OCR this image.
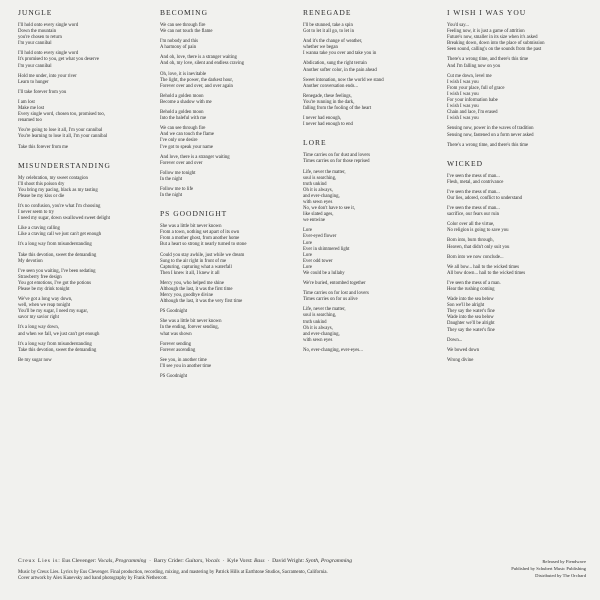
JUNGLE
I'll hold onto every single word
Down the mountain
you're chosen to return
I'm your cannibal
I'll hold onto every single word
It's promised to you, get what you deserve
I'm your cannibal
Hold me under, into your river
Learn to hunger
I'll take forever from you
I am lost
Make me lost
Every single word, chosen too, promised too,
renamed too
You're going to lose it all, I'm your cannibal
You're learning to lose it all, I'm your cannibal
Take this forever from me
MISUNDERSTANDING
My celebration, my sweet contagion
I'll shoot this poison dry
You bring my pacing, black as my tasting
Please be my kiss or die
It's no confusion, you're what I'm choosing
I never seem to try
I need my sugar, down swallowed sweet delight
Like a craving calling
Like a craving call we just can't get enough
It's a long way from misunderstanding
Take this devotion, sweet the demanding
My devotion
I've seen you waiting, I've been sedating
Strawberry free design
You got emotions, I've got the potions
Please be my drink tonight
We've got a long way down,
well, when we reap tonight
You'll be my sugar, I need my sugar,
savor my savior right
It's a long way down,
and when we fall, we just can't get enough
It's a long way from misunderstanding
Take this devotion, sweet the demanding
Be my sugar now
BECOMING
We can see through fire
We can not touch the flame
I'm nobody and this
A harmony of pain
And oh, love, there is a stranger waiting
And oh, my love, silent and endless craving
Oh, love, it is inevitable
The light, the power, the darkest hour,
Forever over and over, and over again
Behold a golden moon
Become a shadow with me
Behold a golden moon
Into the baleful with me
We can see through fire
And we can touch the flame
I've only one desire
I've got to speak your name
And love, there is a stranger waiting
Forever over and over
Follow me tonight
In the night
Follow me to life
In the night
PS GOODNIGHT
She was a little bit never known
From a town, nothing set apart of its own
From a mother ghost, from another home
But a heart so strong it nearly turned to stone
Could you stay awhile, just while we dream
Sung to the air right in front of me
Capturing, capturing what a waterfall
Then I knew it all, I knew it all
Mercy you, who helped me shine
Although the last, it was the first time
Mercy you, goodbye divine
Although the last, it was the very first time
PS Goodnight
She was a little bit never known
In the ending, forever sending,
what was shown
Forever sending
Forever ascending
See you, in another time
I'll see you in another time
PS Goodnight
RENEGADE
I'll be stunned, take a spin
Got to let it all go, to let in
And it's the change of weather,
whether we began
I wanna take you over and take you in
Abdication, sung the right terrain
Another softer color, in the pain ahead
Sweet intonation, now the world we stand
Another conversation ends...
Renegade, these feelings,
You're running in the dark,
falling from the fooling of the heart
I never had enough,
I never had enough to end
LORE
Time carries on for dust and lovers
Times carries on for those reprised
Life, never the matter,
soul is searching,
truth unkind
Oh it is always,
and ever-changing,
with sewn eyes
No, we don't have to see it,
like slated ages,
we entwine
Lore
Ever-eyed flower
Lore
Ever in shimmered light
Lore
Ever odd tower
Lore
We could be a lullaby
We're buried, entombed together
Time carries on for lost and lovers
Times carries on for us alive
Life, never the matter,
soul is searching,
truth unkind
Oh it is always,
and ever-changing,
with sewn eyes
No, ever-changing, ever-eyes...
I WISH I WAS YOU
You'd say...
Feeling now, it is just a game of attrition
Future's now, smaller in its size when it's asked
Breaking down, down into the place of submission
Seen sound, calling's on the sounds from the past
There's a wrong time, and there's this time
And I'm falling now on you
Cut me down, level me
I wish I was you
From your place, full of grace
I wish I was you
For your information babe
I wish I was you
Chain and lace, I'm erased
I wish I was you
Sensing now, power in the waves of tradition
Sensing now, fastened on a form never asked
There's a wrong time, and there's this time
WICKED
I've seen the mess of man...
Flesh, metal, and contrivance
I've seen the mess of man...
Our lies, adored, conflict to understand
I've seen the mess of man...
sacrifice, our fears our ruin
Color over all the virtue,
No religion is going to save you
Born into, burn through,
Heaven, that didn't only suit you
Born into we now conclude...
We all bow... hail to the wicked times
All bow down... hail to the wicked times
I've seen the mess of a man.
Hear the rushing coming
Wade into the sea below
Son we'll be alright
They say the water's fine
Wade into the sea below
Daughter we'll be alright
They say the water's fine
Down...
We bowed down
Wrong divine
Creux Lies is: Eus Clevenger: Vocals, Programming  ·  Barry Crider: Guitars, Vocals  ·  Kyle Vorst: Bass  ·  David Wright: Synth, Programming
Music by Creux Lies. Lyrics by Eus Clevenger. Final production, recording, mixing, and mastering by Patrick Hills at Earthtone Studios, Sacramento, California.
Cover artwork by Alex Kanevsky and band photography by Frank Nethercott.
Released by Fiendwave
Published by Schubert Music Publishing
Distributed by The Orchard
